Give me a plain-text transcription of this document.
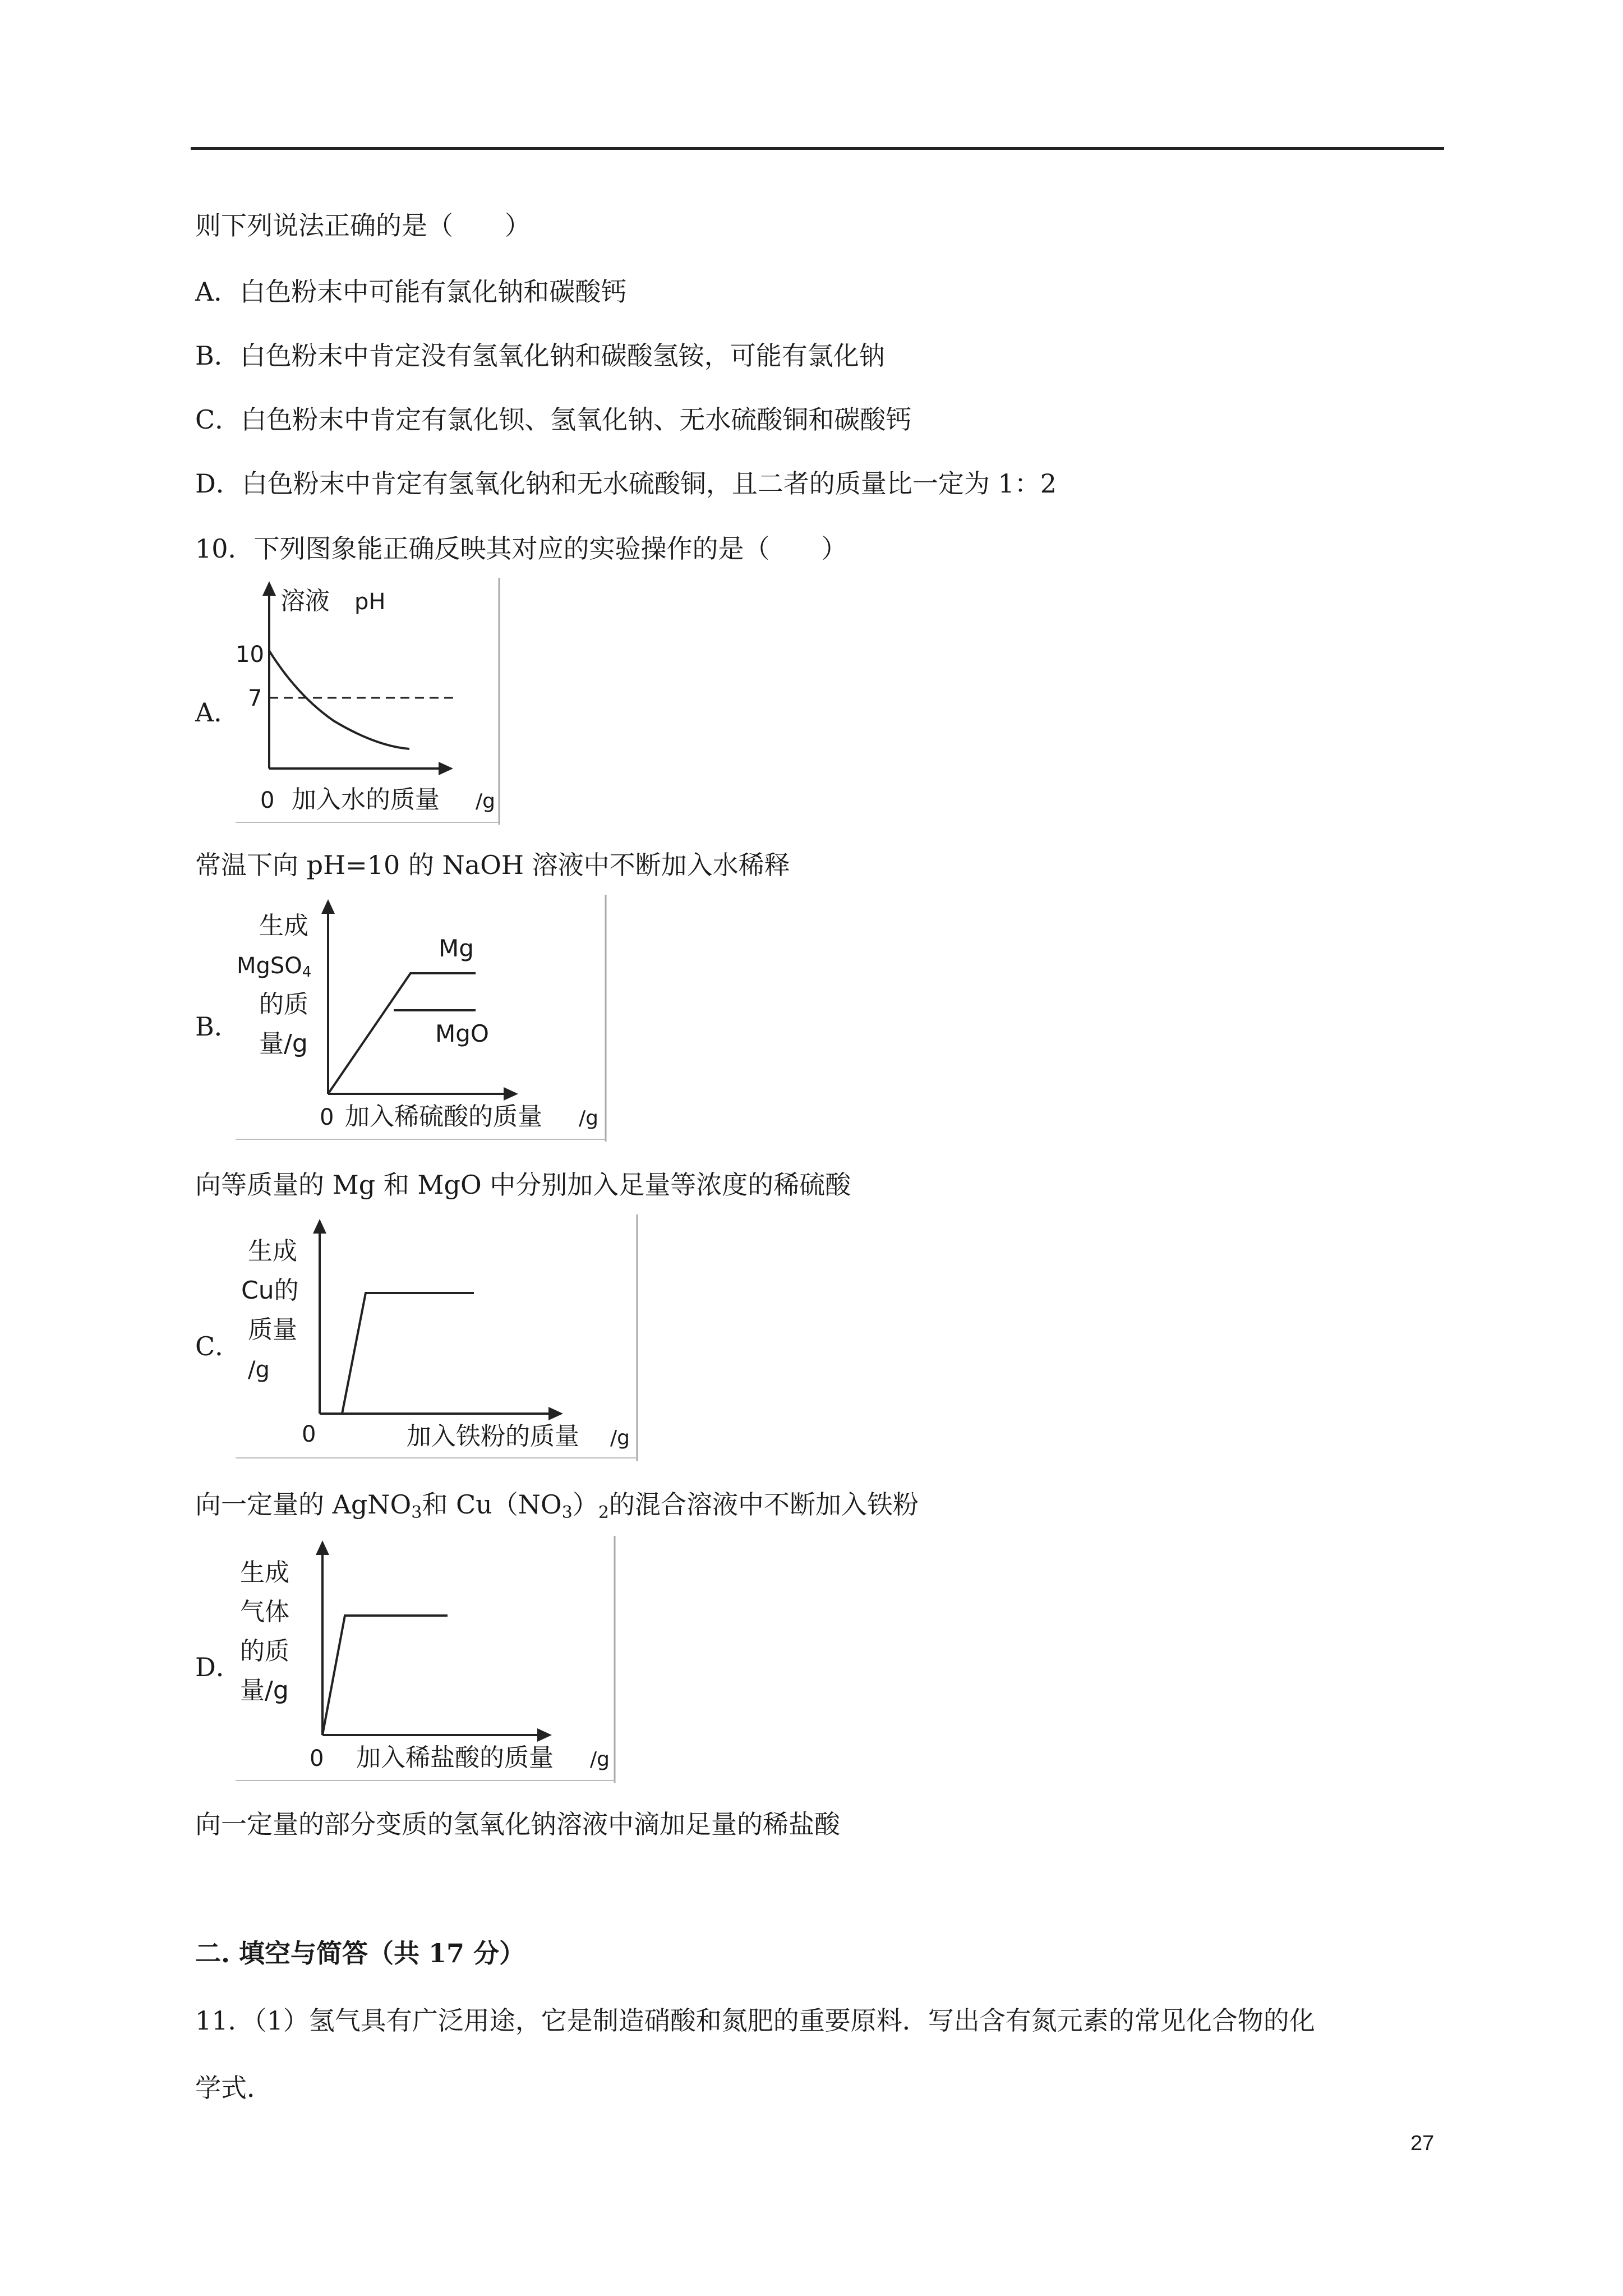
则下列说法正确的是（　　）
A．白色粉末中可能有氯化钠和碳酸钙
B．白色粉末中肯定没有氢氧化钠和碳酸氢铵，可能有氯化钠
C．白色粉末中肯定有氯化钡、氢氧化钠、无水硫酸铜和碳酸钙
D．白色粉末中肯定有氢氧化钠和无水硫酸铜，且二者的质量比一定为 1：2
10．下列图象能正确反映其对应的实验操作的是（　　）
A．
溶液 pH
10
7
0 加入水的质量 /g
常温下向 pH=10 的 NaOH 溶液中不断加入水稀释
B．
生成
MgSO4
的质
量/g
Mg
MgO
0 加入稀硫酸的质量 /g
向等质量的 Mg 和 MgO 中分别加入足量等浓度的稀硫酸
C．
生成
Cu的
质量
/g
0	加入铁粉的质量 /g
向一定量的 AgNO$_3$和 $Cu(NO_3)_2$的混合溶液中不断加入铁粉
D．
生成
气体
的质
量/g
0 加入稀盐酸的质量 /g
向一定量的部分变质的氢氧化钠溶液中滴加足量的稀盐酸
二. 填空与简答（共 17 分）
11．（1）氢气具有广泛用途，它是制造硝酸和氮肥的重要原料．写出含有氮元素的常见化合物的化
学式．
27
